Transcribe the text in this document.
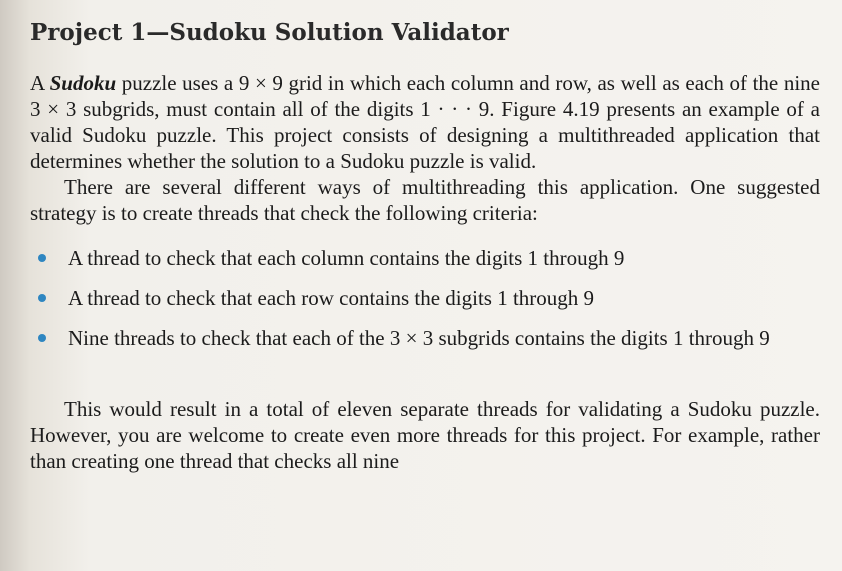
Project 1—Sudoku Solution Validator

A Sudoku puzzle uses a 9 × 9 grid in which each column and row, as well as each of the nine 3 × 3 subgrids, must contain all of the digits 1 · · · 9. Figure 4.19 presents an example of a valid Sudoku puzzle. This project consists of designing a multithreaded application that determines whether the solution to a Sudoku puzzle is valid.

There are several different ways of multithreading this application. One suggested strategy is to create threads that check the following criteria:

A thread to check that each column contains the digits 1 through 9
A thread to check that each row contains the digits 1 through 9
Nine threads to check that each of the 3 × 3 subgrids contains the digits 1 through 9

This would result in a total of eleven separate threads for validating a Sudoku puzzle. However, you are welcome to create even more threads for this project. For example, rather than creating one thread that checks all nine
